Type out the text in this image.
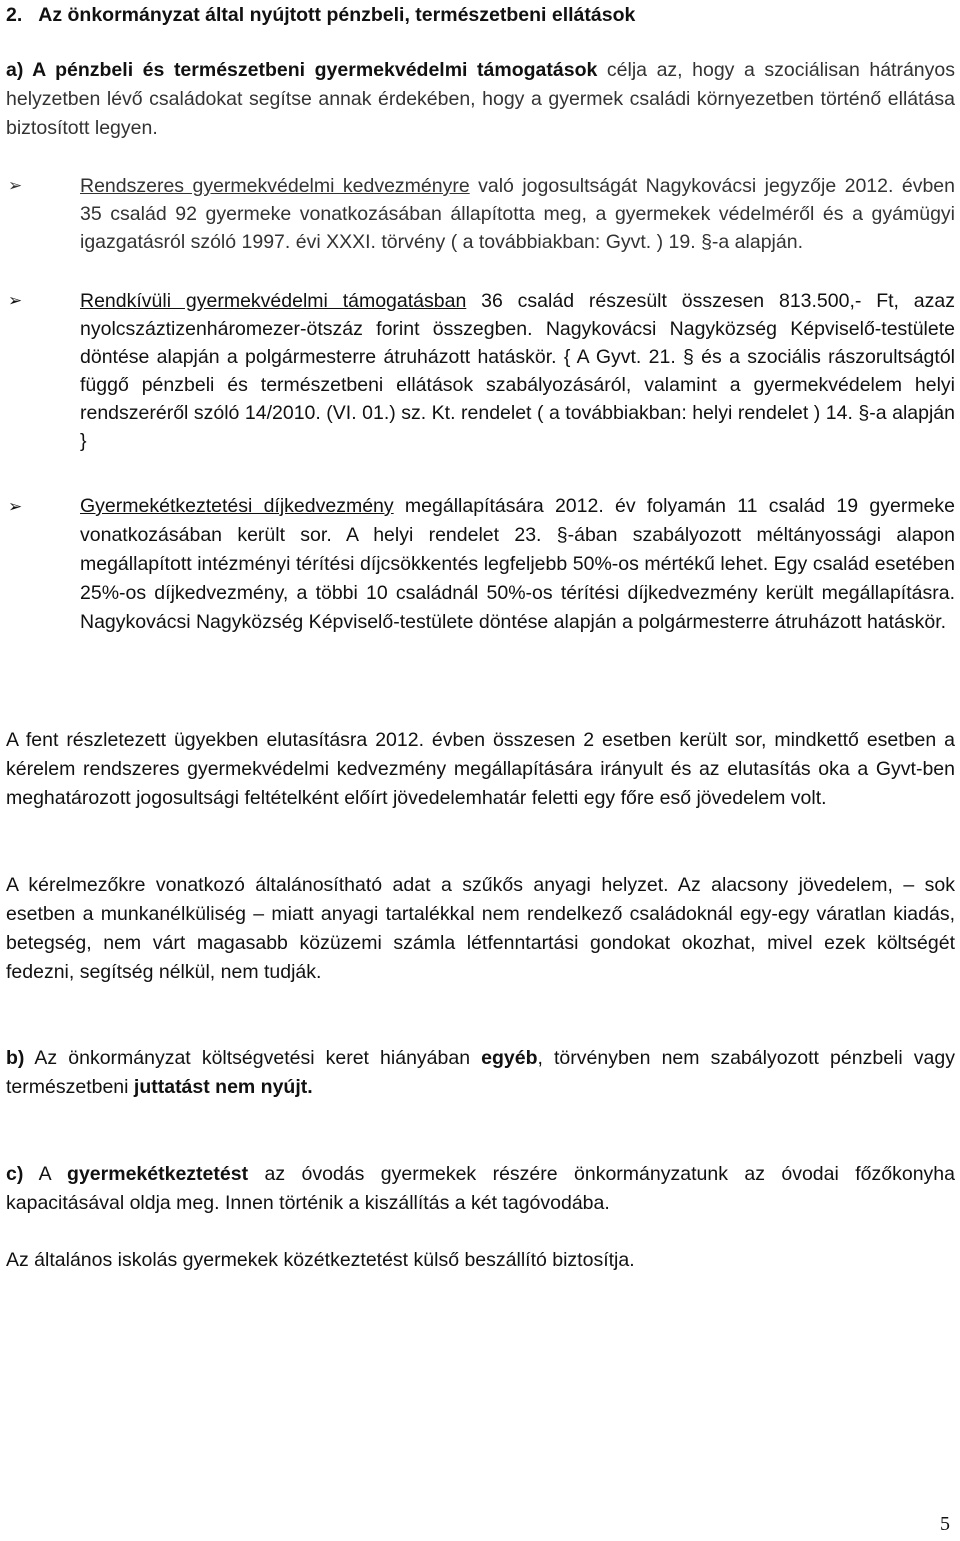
2. Az önkormányzat által nyújtott pénzbeli, természetbeni ellátások
a) A pénzbeli és természetbeni gyermekvédelmi támogatások célja az, hogy a szociálisan hátrányos helyzetben lévő családokat segítse annak érdekében, hogy a gyermek családi környezetben történő ellátása biztosított legyen.
➢	Rendszeres gyermekvédelmi kedvezményre való jogosultságát Nagykovácsi jegyzője 2012. évben 35 család 92 gyermeke vonatkozásában állapította meg, a gyermekek védelméről és a gyámügyi igazgatásról szóló 1997. évi XXXI. törvény ( a továbbiakban: Gyvt. ) 19. §-a alapján.
➢	Rendkívüli gyermekvédelmi támogatásban 36 család részesült összesen 813.500,- Ft, azaz nyolcszáztizenháromezer-ötszáz forint összegben. Nagykovácsi Nagyközség Képviselő-testülete döntése alapján a polgármesterre átruházott hatáskör. { A Gyvt. 21. § és a szociális rászorultságtól függő pénzbeli és természetbeni ellátások szabályozásáról, valamint a gyermekvédelem helyi rendszeréről szóló 14/2010. (VI. 01.) sz. Kt. rendelet ( a továbbiakban: helyi rendelet ) 14. §-a alapján }
➢	Gyermekétkeztetési díjkedvezmény megállapítására 2012. év folyamán 11 család 19 gyermeke vonatkozásában került sor. A helyi rendelet 23. §-ában szabályozott méltányossági alapon megállapított intézményi térítési díjcsökkentés legfeljebb 50%-os mértékű lehet. Egy család esetében 25%-os díjkedvezmény, a többi 10 családnál 50%-os térítési díjkedvezmény került megállapításra. Nagykovácsi Nagyközség Képviselő-testülete döntése alapján a polgármesterre átruházott hatáskör.
A fent részletezett ügyekben elutasításra 2012. évben összesen 2 esetben került sor, mindkettő esetben a kérelem rendszeres gyermekvédelmi kedvezmény megállapítására irányult és az elutasítás oka a Gyvt-ben meghatározott jogosultsági feltételként előírt jövedelemhatár feletti egy főre eső jövedelem volt.
A kérelmezőkre vonatkozó általánosítható adat a szűkős anyagi helyzet. Az alacsony jövedelem, – sok esetben a munkanélküliség – miatt anyagi tartalékkal nem rendelkező családoknál egy-egy váratlan kiadás, betegség, nem várt magasabb közüzemi számla létfenntartási gondokat okozhat, mivel ezek költségét fedezni, segítség nélkül, nem tudják.
b) Az önkormányzat költségvetési keret hiányában egyéb, törvényben nem szabályozott pénzbeli vagy természetbeni juttatást nem nyújt.
c) A gyermekétkeztetést az óvodás gyermekek részére önkormányzatunk az óvodai főzőkonyha kapacitásával oldja meg. Innen történik a kiszállítás a két tagóvodába.
Az általános iskolás gyermekek közétkeztetést külső beszállító biztosítja.
5
